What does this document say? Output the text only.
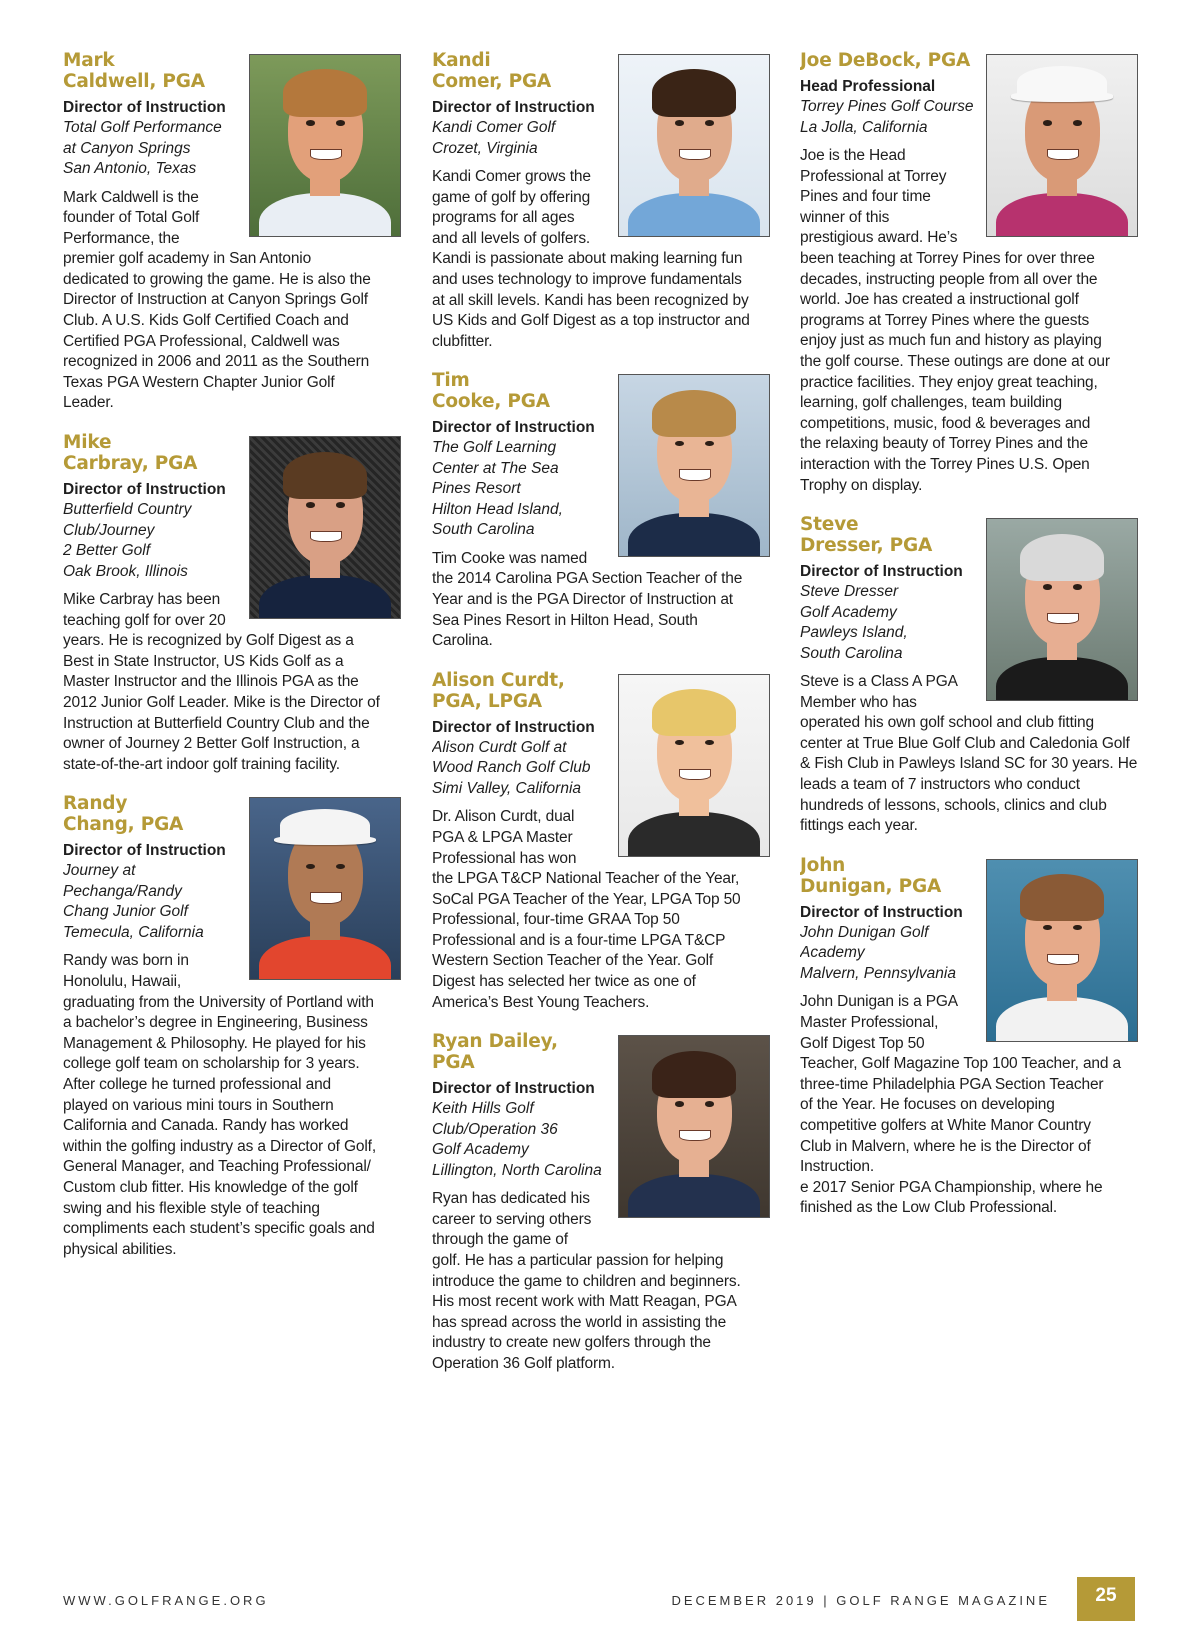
Mark
Caldwell, PGA

Director of Instruction

Total Golf Performance
at Canyon Springs
San Antonio, Texas

Mark Caldwell is the
founder of Total Golf
Performance, the
premier golf academy in San Antonio
dedicated to growing the game. He is also the
Director of Instruction at Canyon Springs Golf
Club. A U.S. Kids Golf Certified Coach and
Certified PGA Professional, Caldwell was
recognized in 2006 and 2011 as the Southern
Texas PGA Western Chapter Junior Golf
Leader.

Mike
Carbray, PGA

Director of Instruction

Butterfield Country
Club/Journey
2 Better Golf
Oak Brook, Illinois

Mike Carbray has been
teaching golf for over 20
years. He is recognized by Golf Digest as a
Best in State Instructor, US Kids Golf as a
Master Instructor and the Illinois PGA as the
2012 Junior Golf Leader. Mike is the Director of
Instruction at Butterfield Country Club and the
owner of Journey 2 Better Golf Instruction, a
state-of-the-art indoor golf training facility.

Randy
Chang, PGA

Director of Instruction

Journey at
Pechanga/Randy
Chang Junior Golf
Temecula, California

Randy was born in
Honolulu, Hawaii,
graduating from the University of Portland with
a bachelor’s degree in Engineering, Business
Management & Philosophy. He played for his
college golf team on scholarship for 3 years.
After college he turned professional and
played on various mini tours in Southern
California and Canada. Randy has worked
within the golfing industry as a Director of Golf,
General Manager, and Teaching Professional/
Custom club fitter. His knowledge of the golf
swing and his flexible style of teaching
compliments each student’s specific goals and
physical abilities.

Kandi
Comer, PGA

Director of Instruction

Kandi Comer Golf
Crozet, Virginia

Kandi Comer grows the
game of golf by offering
programs for all ages
and all levels of golfers.
Kandi is passionate about making learning fun
and uses technology to improve fundamentals
at all skill levels. Kandi has been recognized by
US Kids and Golf Digest as a top instructor and
clubfitter.

Tim
Cooke, PGA

Director of Instruction

The Golf Learning
Center at The Sea
Pines Resort
Hilton Head Island,
South Carolina

Tim Cooke was named
the 2014 Carolina PGA Section Teacher of the
Year and is the PGA Director of Instruction at
Sea Pines Resort in Hilton Head, South
Carolina.

Alison Curdt,
PGA, LPGA

Director of Instruction

Alison Curdt Golf at
Wood Ranch Golf Club
Simi Valley, California

Dr. Alison Curdt, dual
PGA & LPGA Master
Professional has won
the LPGA T&CP National Teacher of the Year,
SoCal PGA Teacher of the Year, LPGA Top 50
Professional, four-time GRAA Top 50
Professional and is a four-time LPGA T&CP
Western Section Teacher of the Year. Golf
Digest has selected her twice as one of
America’s Best Young Teachers.

Ryan Dailey, PGA

Director of Instruction

Keith Hills Golf
Club/Operation 36
Golf Academy
Lillington, North Carolina

Ryan has dedicated his
career to serving others
through the game of
golf. He has a particular passion for helping
introduce the game to children and beginners.
His most recent work with Matt Reagan, PGA
has spread across the world in assisting the
industry to create new golfers through the
Operation 36 Golf platform.

Joe DeBock, PGA

Head Professional

Torrey Pines Golf Course
La Jolla, California

Joe is the Head
Professional at Torrey
Pines and four time
winner of this
prestigious award. He’s
been teaching at Torrey Pines for over three
decades, instructing people from all over the
world. Joe has created a instructional golf
programs at Torrey Pines where the guests
enjoy just as much fun and history as playing
the golf course. These outings are done at our
practice facilities. They enjoy great teaching,
learning, golf challenges, team building
competitions, music, food & beverages and
the relaxing beauty of Torrey Pines and the
interaction with the Torrey Pines U.S. Open
Trophy on display.

Steve
Dresser, PGA

Director of Instruction

Steve Dresser
Golf Academy
Pawleys Island,
South Carolina

Steve is a Class A PGA
Member who has
operated his own golf school and club fitting
center at True Blue Golf Club and Caledonia Golf
& Fish Club in Pawleys Island SC for 30 years. He
leads a team of 7 instructors who conduct
hundreds of lessons, schools, clinics and club
fittings each year.

John
Dunigan, PGA

Director of Instruction

John Dunigan Golf
Academy
Malvern, Pennsylvania

John Dunigan is a PGA
Master Professional,
Golf Digest Top 50
Teacher, Golf Magazine Top 100 Teacher, and a
three-time Philadelphia PGA Section Teacher
of the Year. He focuses on developing
competitive golfers at White Manor Country
Club in Malvern, where he is the Director of
Instruction.
e 2017 Senior PGA Championship, where he
finished as the Low Club Professional.

WWW.GOLFRANGE.ORG	DECEMBER 2019 | GOLF RANGE MAGAZINE	25
